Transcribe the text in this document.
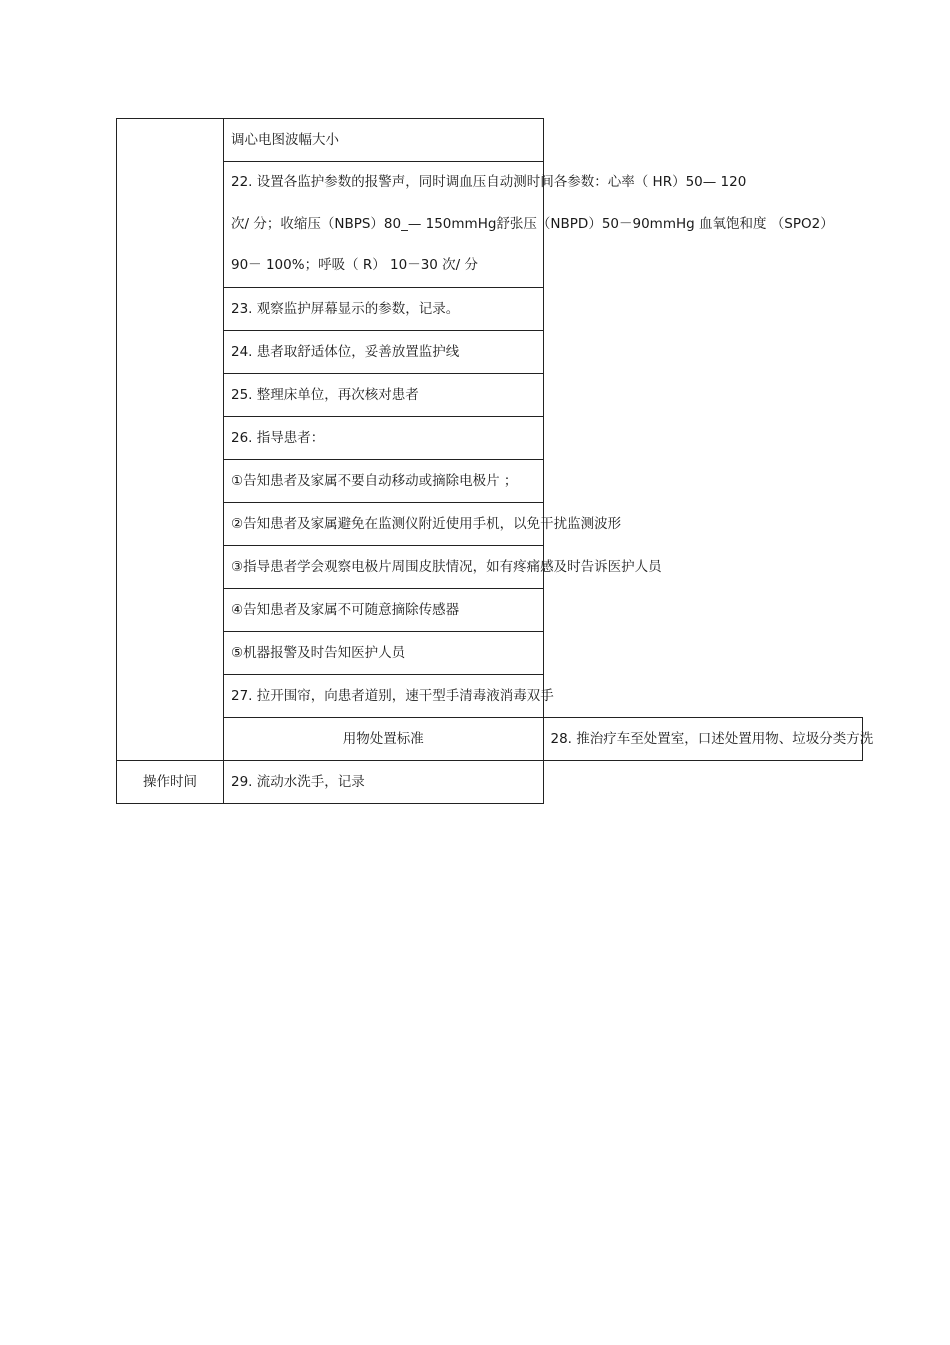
	调心电图波幅大小	

	22. 设置各监护参数的报警声，同时调血压自动测时间各参数：心率（ HR）50— 120
次/ 分；收缩压（NBPS）80_— 150mmHg舒张压（NBPD）50－90mmHg 血氧饱和度 （SPO2）
90－ 100%；呼吸（ R） 10－30 次/ 分	

	23. 观察监护屏幕显示的参数，记录。	
	24. 患者取舒适体位，妥善放置监护线	
	25. 整理床单位，再次核对患者	
	26. 指导患者：	
	①告知患者及家属不要自动移动或摘除电极片 ；	
	②告知患者及家属避免在监测仪附近使用手机，以免干扰监测波形	
	③指导患者学会观察电极片周围皮肤情况，如有疼痛感及时告诉医护人员	
	④告知患者及家属不可随意摘除传感器	
	⑤机器报警及时告知医护人员	
	27. 拉开围帘，向患者道别，速干型手清毒液消毒双手	
	用物处置标准	28. 推治疗车至处置室，口述处置用物、垃圾分类方洗
操作时间	29. 流动水洗手，记录	
